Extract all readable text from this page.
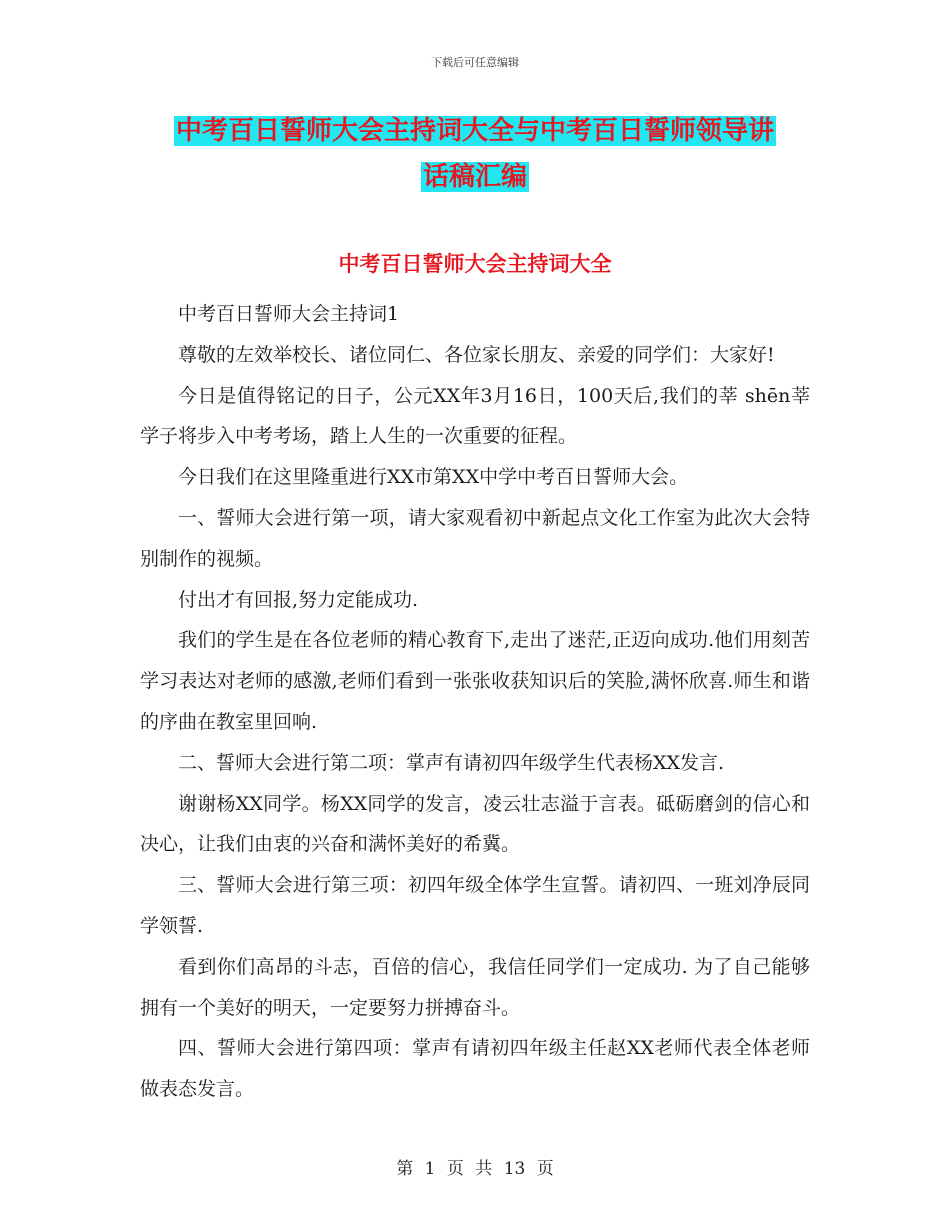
下载后可任意编辑
中考百日誓师大会主持词大全与中考百日誓师领导讲
话稿汇编
中考百日誓师大会主持词大全

中考百日誓师大会主持词1

尊敬的左效举校长、诸位同仁、各位家长朋友、亲爱的同学们：大家好!

今日是值得铭记的日子，公元XX年3月16日，100天后,我们的莘 shēn莘学子将步入中考考场，踏上人生的一次重要的征程。

今日我们在这里隆重进行XX市第XX中学中考百日誓师大会。

一、誓师大会进行第一项，请大家观看初中新起点文化工作室为此次大会特别制作的视频。

付出才有回报,努力定能成功.

我们的学生是在各位老师的精心教育下,走出了迷茫,正迈向成功.他们用刻苦学习表达对老师的感激,老师们看到一张张收获知识后的笑脸,满怀欣喜.师生和谐的序曲在教室里回响.

二、誓师大会进行第二项：掌声有请初四年级学生代表杨XX发言.

谢谢杨XX同学。杨XX同学的发言，凌云壮志溢于言表。砥砺磨剑的信心和决心，让我们由衷的兴奋和满怀美好的希冀。

三、誓师大会进行第三项：初四年级全体学生宣誓。请初四、一班刘净辰同学领誓.

看到你们高昂的斗志，百倍的信心，我信任同学们一定成功. 为了自己能够拥有一个美好的明天，一定要努力拼搏奋斗。

四、誓师大会进行第四项：掌声有请初四年级主任赵XX老师代表全体老师做表态发言。

第 1 页 共 13 页
